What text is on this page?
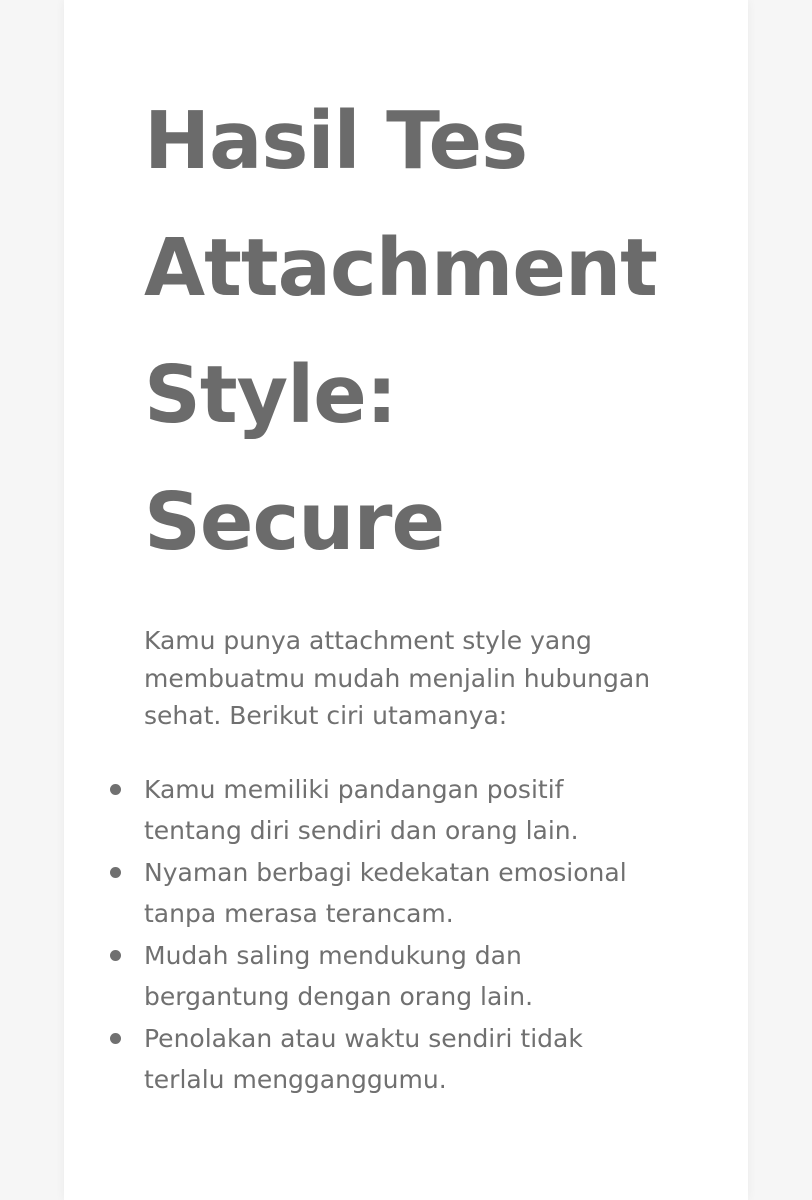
Hasil Tes
Attachment
Style:
Secure

Kamu punya attachment style yang membuatmu mudah menjalin hubungan sehat. Berikut ciri utamanya:

Kamu memiliki pandangan positif tentang diri sendiri dan orang lain.
Nyaman berbagi kedekatan emosional tanpa merasa terancam.
Mudah saling mendukung dan bergantung dengan orang lain.
Penolakan atau waktu sendiri tidak terlalu mengganggumu.
